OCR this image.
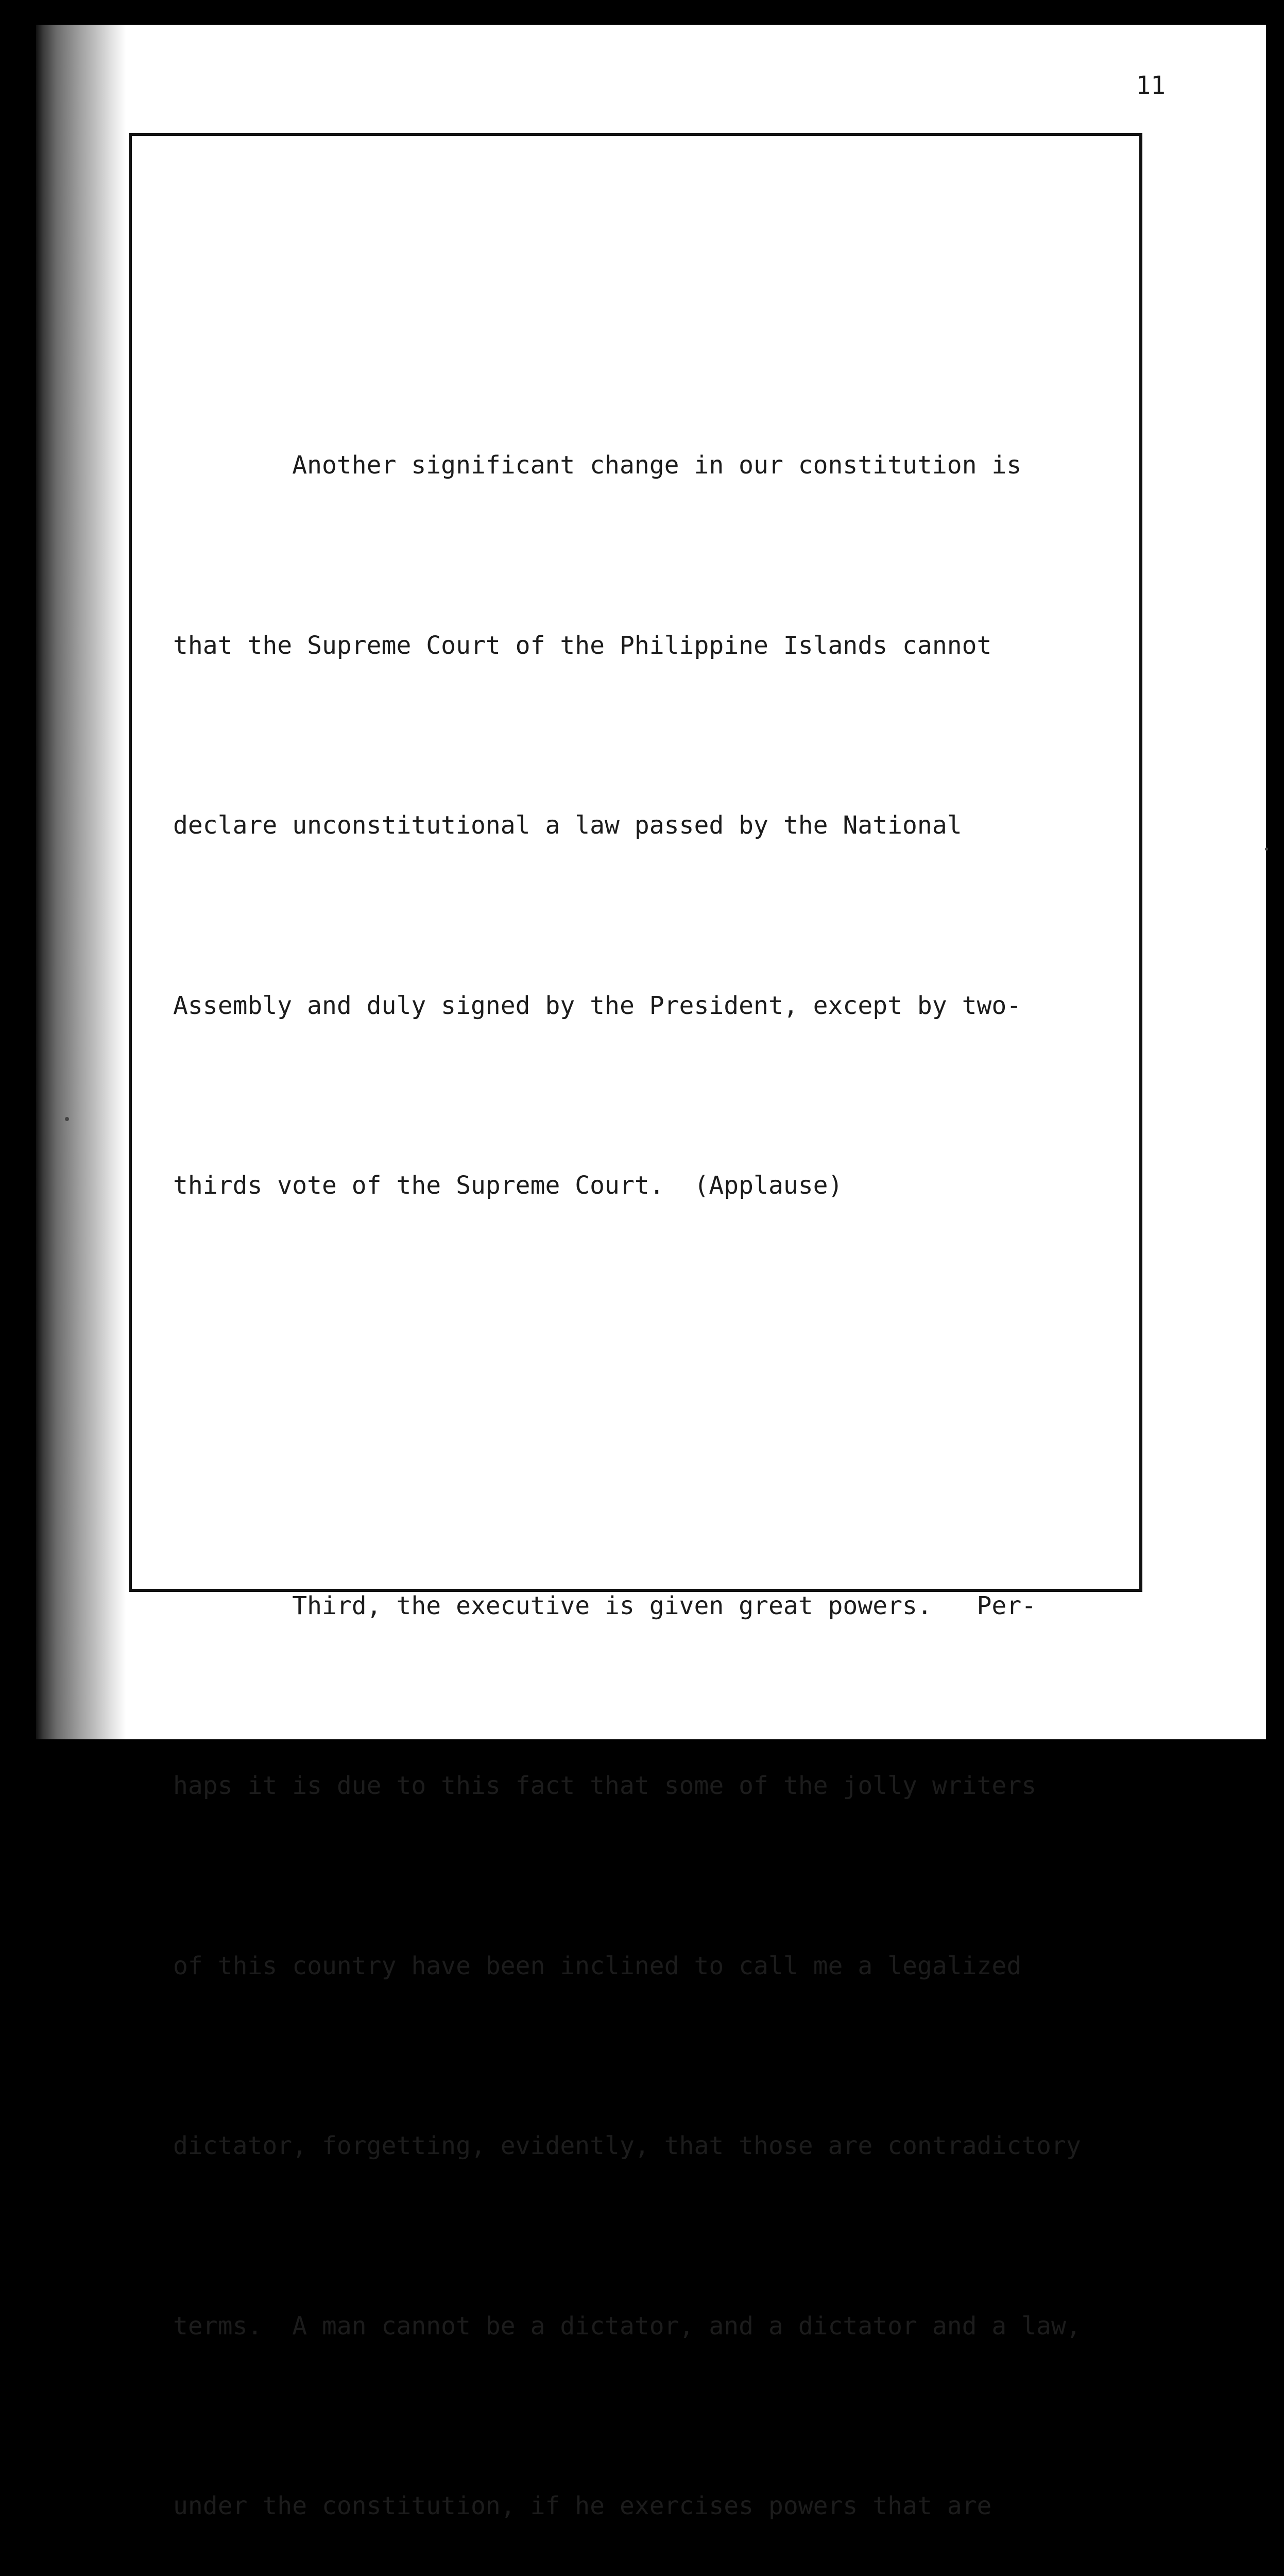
11

Another significant change in our constitution is

that the Supreme Court of the Philippine Islands cannot

declare unconstitutional a law passed by the National

Assembly and duly signed by the President, except by two-

thirds vote of the Supreme Court.  (Applause)

Third, the executive is given great powers.   Per-

haps it is due to this fact that some of the jolly writers

of this country have been inclined to call me a legalized

dictator, forgetting, evidently, that those are contradictory

terms.  A man cannot be a dictator, and a dictator and a law,

under the constitution, if he exercises powers that are
